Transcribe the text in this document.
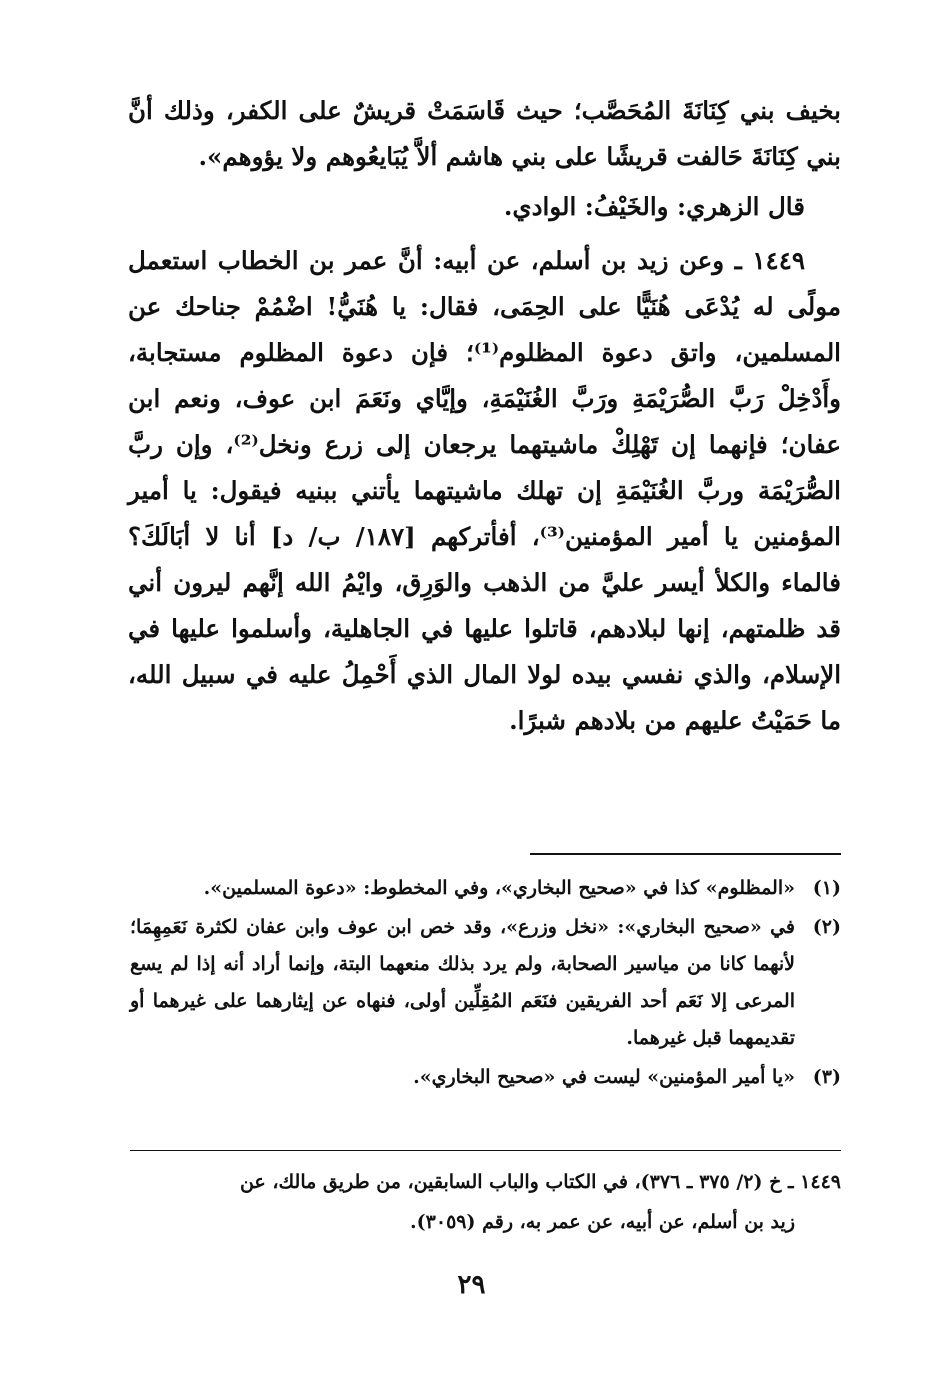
بخيف بني كِنَانَةَ المُحَصَّب؛ حيث قَاسَمَتْ قريشٌ على الكفر، وذلك أنَّ بني كِنَانَةَ حَالفت قريشًا على بني هاشم ألاَّ يُبَايعُوهم ولا يؤوهم».

قال الزهري: والخَيْفُ: الوادي.

١٤٤٩ ـ وعن زيد بن أسلم، عن أبيه: أنَّ عمر بن الخطاب استعمل مولًى له يُدْعَى هُنَيًّا على الحِمَى، فقال: يا هُنَيُّ! اضْمُمْ جناحك عن المسلمين، واتق دعوة المظلوم⁽¹⁾؛ فإن دعوة المظلوم مستجابة، وأَدْخِلْ رَبَّ الصُّرَيْمَةِ ورَبَّ الغُنَيْمَةِ، وإيَّاي ونَعَمَ ابن عوف، ونعم ابن عفان؛ فإنهما إن تَهْلِكْ ماشيتهما يرجعان إلى زرع ونخل⁽²⁾، وإن ربَّ الصُّرَيْمَة وربَّ الغُنَيْمَةِ إن تهلك ماشيتهما يأتني ببنيه فيقول: يا أمير المؤمنين يا أمير المؤمنين⁽³⁾، أفأتركهم [١٨٧/ ب/ د] أنا لا أبَالَكَ؟ فالماء والكلأ أيسر عليَّ من الذهب والوَرِق، وايْمُ الله إنَّهم ليرون أني قد ظلمتهم، إنها لبلادهم، قاتلوا عليها في الجاهلية، وأسلموا عليها في الإسلام، والذي نفسي بيده لولا المال الذي أَحْمِلُ عليه في سبيل الله، ما حَمَيْتُ عليهم من بلادهم شبرًا.

(١)
«المظلوم» كذا في «صحيح البخاري»، وفي المخطوط: «دعوة المسلمين».
(٢)
في «صحيح البخاري»: «نخل وزرع»، وقد خص ابن عوف وابن عفان لكثرة نَعَمِهِمَا؛ لأنهما كانا من مياسير الصحابة، ولم يرد بذلك منعهما البتة، وإنما أراد أنه إذا لم يسع المرعى إلا نَعَم أحد الفريقين فنَعَم المُقِلِّين أولى، فنهاه عن إيثارهما على غيرهما أو تقديمهما قبل غيرهما.
(٣)
«يا أمير المؤمنين» ليست في «صحيح البخاري».
١٤٤٩ ـ خ (٢/ ٣٧٥ ـ ٣٧٦)، في الكتاب والباب السابقين، من طريق مالك، عن
زيد بن أسلم، عن أبيه، عن عمر به، رقم (٣٠٥٩).
٢٩
